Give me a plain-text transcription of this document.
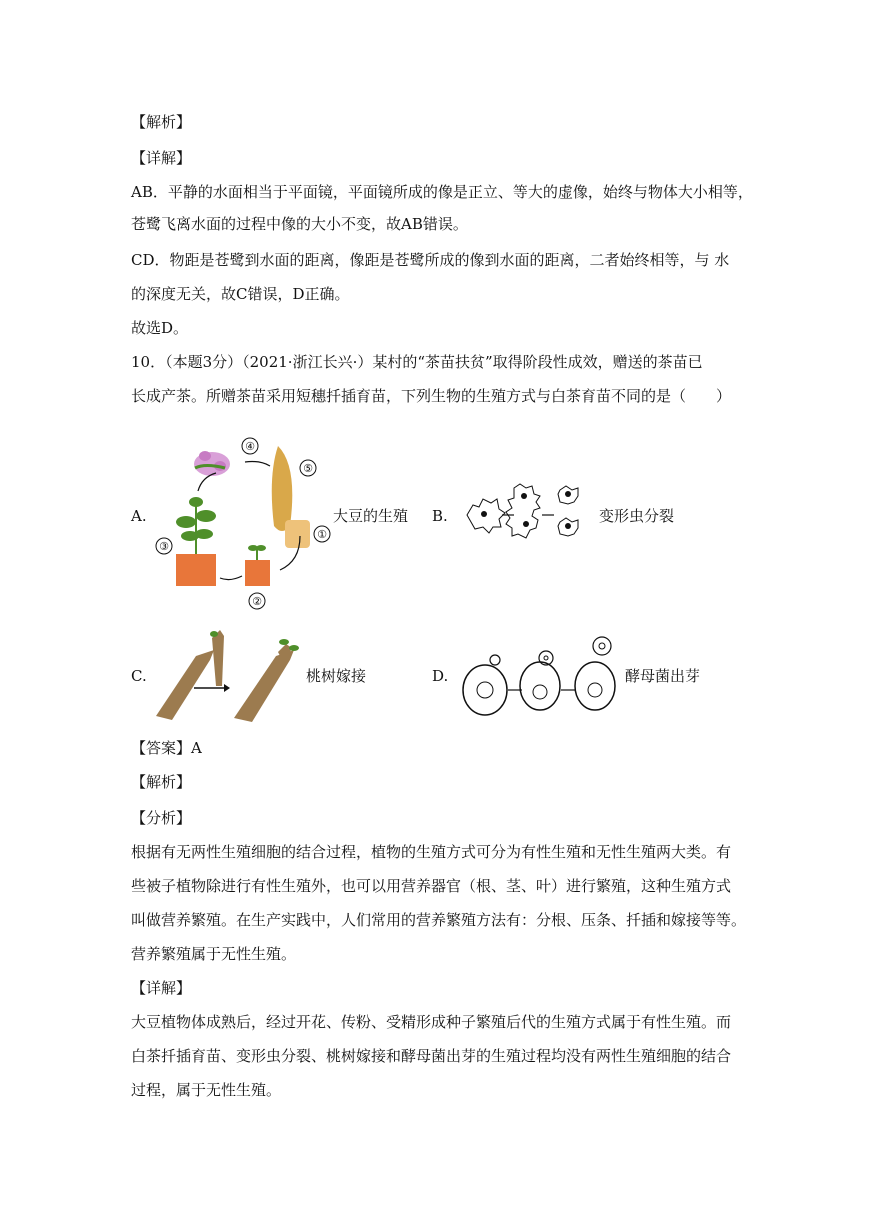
【解析】
【详解】
AB．平静的水面相当于平面镜，平面镜所成的像是正立、等大的虚像，始终与物体大小相等，
苍鹭飞离水面的过程中像的大小不变，故AB错误。
CD．物距是苍鹭到水面的距离，像距是苍鹭所成的像到水面的距离，二者始终相等，与 水
的深度无关，故C错误，D正确。
故选D。
10．（本题3分）（2021·浙江长兴·）某村的“茶苗扶贫”取得阶段性成效，赠送的茶苗已
长成产茶。所赠茶苗采用短穗扦插育苗，下列生物的生殖方式与白茶育苗不同的是（　　）
A.
④
⑤
①
②
③
大豆的生殖 B.	变形虫分裂
C.	桃树嫁接	D.	酵母菌出芽
【答案】A
【解析】
【分析】
根据有无两性生殖细胞的结合过程，植物的生殖方式可分为有性生殖和无性生殖两大类。有
些被子植物除进行有性生殖外，也可以用营养器官（根、茎、叶）进行繁殖，这种生殖方式
叫做营养繁殖。在生产实践中，人们常用的营养繁殖方法有：分根、压条、扦插和嫁接等等。
营养繁殖属于无性生殖。
【详解】
大豆植物体成熟后，经过开花、传粉、受精形成种子繁殖后代的生殖方式属于有性生殖。而
白茶扦插育苗、变形虫分裂、桃树嫁接和酵母菌出芽的生殖过程均没有两性生殖细胞的结合
过程，属于无性生殖。
